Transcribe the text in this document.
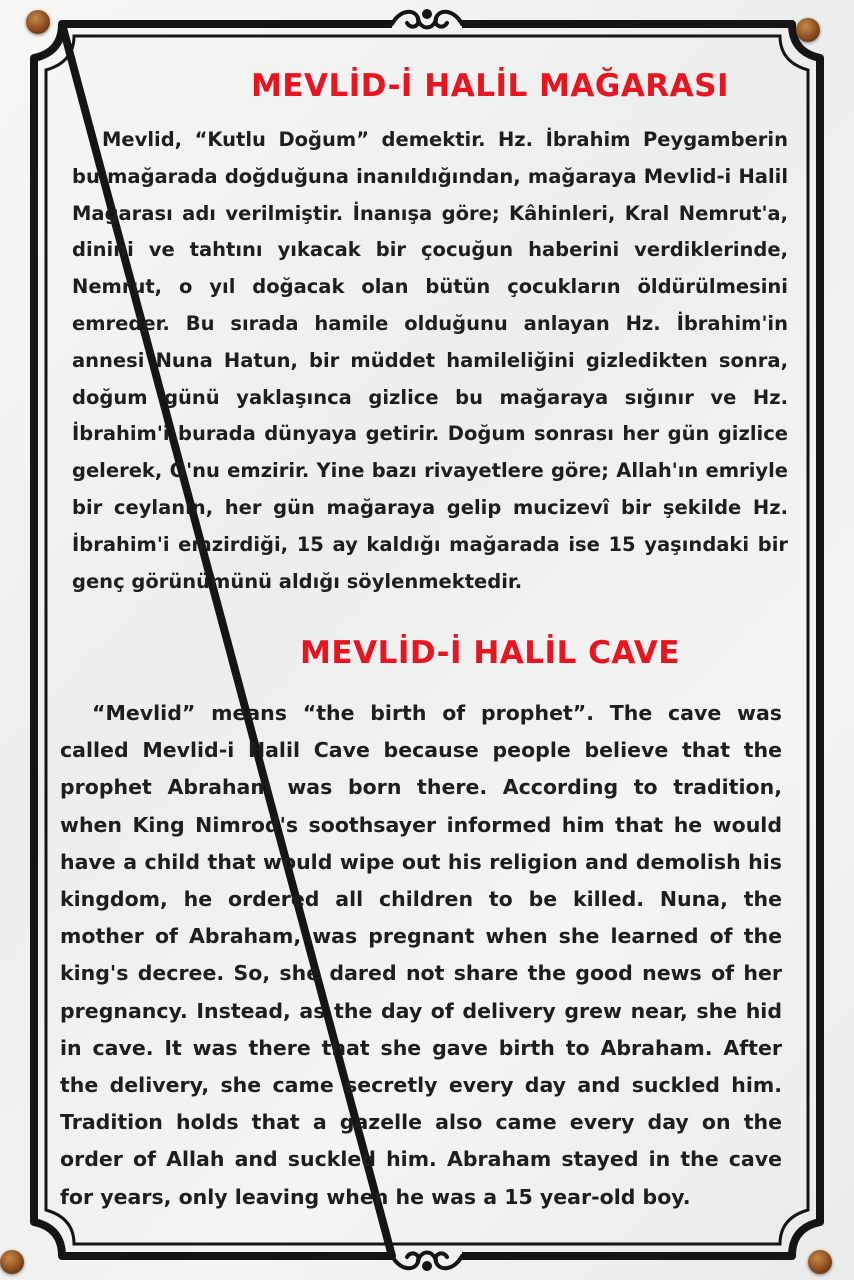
MEVLİD-İ HALİL MAĞARASI

Mevlid, “Kutlu Doğum” demektir. Hz. İbrahim Peygamberin bu mağarada doğduğuna inanıldığından, mağaraya Mevlid-i Halil Mağarası adı verilmiştir. İnanışa göre; Kâhinleri, Kral Nemrut'a, dinini ve tahtını yıkacak bir çocuğun haberini verdiklerinde, Nemrut, o yıl doğacak olan bütün çocukların öldürülmesini emreder. Bu sırada hamile olduğunu anlayan Hz. İbrahim'in annesi Nuna Hatun, bir müddet hamileliğini gizledikten sonra, doğum günü yaklaşınca gizlice bu mağaraya sığınır ve Hz. İbrahim'i burada dünyaya getirir. Doğum sonrası her gün gizlice gelerek, O'nu emzirir. Yine bazı rivayetlere göre; Allah'ın emriyle bir ceylanın, her gün mağaraya gelip mucizevî bir şekilde Hz. İbrahim'i emzirdiği, 15 ay kaldığı mağarada ise 15 yaşındaki bir genç görünümünü aldığı söylenmektedir.

MEVLİD-İ HALİL CAVE

“Mevlid” means “the birth of prophet”. The cave was called Mevlid-i Halil Cave because people believe that the prophet Abraham was born there. According to tradition, when King Nimrod's soothsayer informed him that he would have a child that would wipe out his religion and demolish his kingdom, he ordered all children to be killed. Nuna, the mother of Abraham, was pregnant when she learned of the king's decree. So, she dared not share the good news of her pregnancy. Instead, as the day of delivery grew near, she hid in cave. It was there that she gave birth to Abraham. After the delivery, she came secretly every day and suckled him. Tradition holds that a gazelle also came every day on the order of Allah and suckled him. Abraham stayed in the cave for years, only leaving when he was a 15 year-old boy.
